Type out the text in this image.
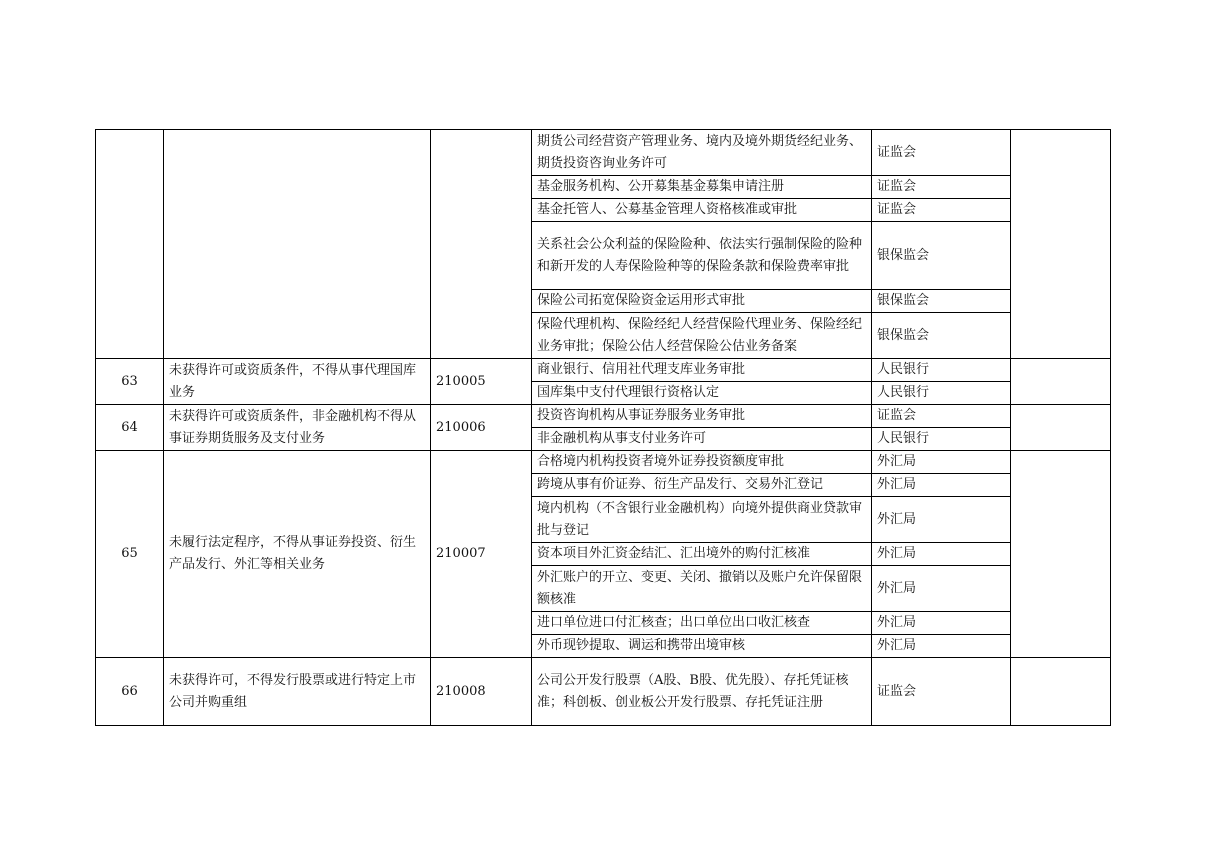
			期货公司经营资产管理业务、境内及境外期货经纪业务、期货投资咨询业务许可	证监会	
			基金服务机构、公开募集基金募集申请注册	证监会	
			基金托管人、公募基金管理人资格核准或审批	证监会	
			关系社会公众利益的保险险种、依法实行强制保险的险种和新开发的人寿保险险种等的保险条款和保险费率审批	银保监会	
			保险公司拓宽保险资金运用形式审批	银保监会	
			保险代理机构、保险经纪人经营保险代理业务、保险经纪业务审批；保险公估人经营保险公估业务备案	银保监会	
63	未获得许可或资质条件，不得从事代理国库业务	210005	商业银行、信用社代理支库业务审批	人民银行	
			国库集中支付代理银行资格认定	人民银行	
64	未获得许可或资质条件，非金融机构不得从事证券期货服务及支付业务	210006	投资咨询机构从事证券服务业务审批	证监会	
			非金融机构从事支付业务许可	人民银行	
65	未履行法定程序，不得从事证券投资、衍生产品发行、外汇等相关业务	210007	合格境内机构投资者境外证券投资额度审批	外汇局	
			跨境从事有价证券、衍生产品发行、交易外汇登记	外汇局	
			境内机构（不含银行业金融机构）向境外提供商业贷款审批与登记	外汇局	
			资本项目外汇资金结汇、汇出境外的购付汇核准	外汇局	
			外汇账户的开立、变更、关闭、撤销以及账户允许保留限额核准	外汇局	
			进口单位进口付汇核查；出口单位出口收汇核查	外汇局	
			外币现钞提取、调运和携带出境审核	外汇局	
66	未获得许可，不得发行股票或进行特定上市公司并购重组	210008	公司公开发行股票（A股、B股、优先股）、存托凭证核准；科创板、创业板公开发行股票、存托凭证注册	证监会	
